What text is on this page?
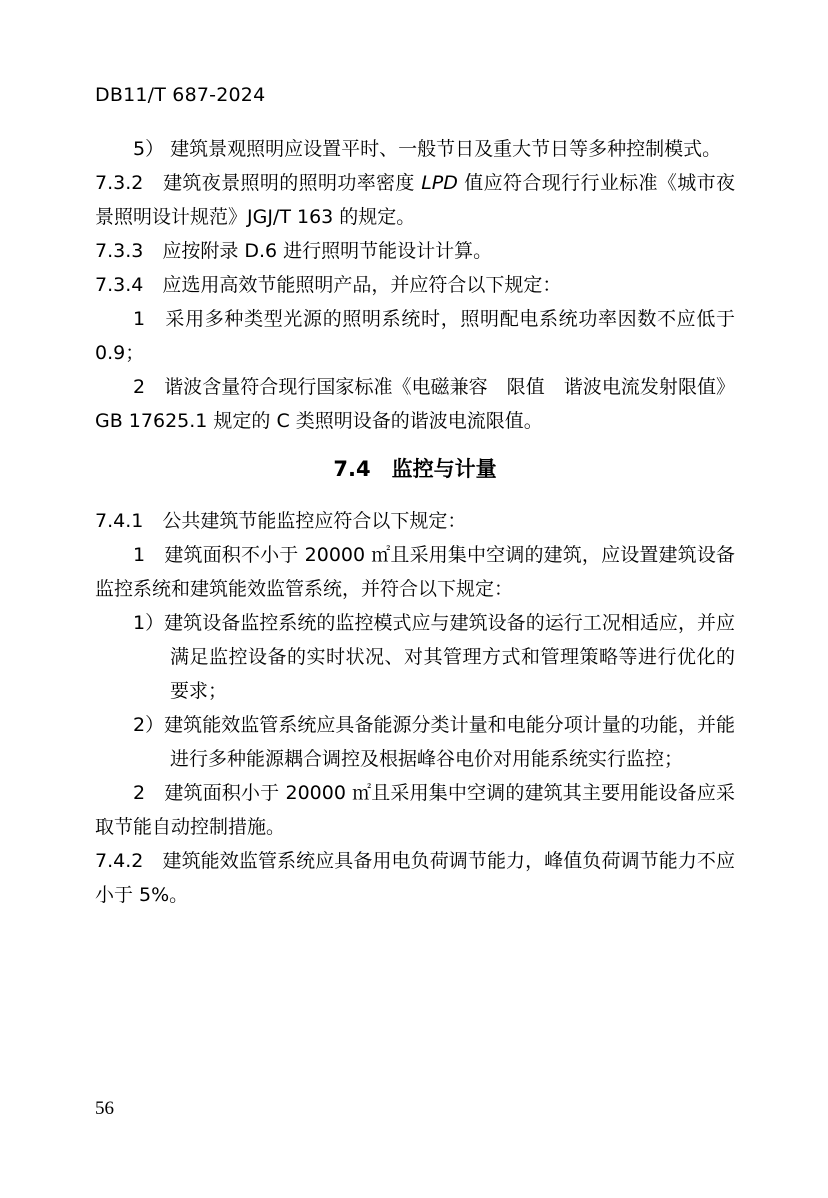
DB11/T 687-2024

5） 建筑景观照明应设置平时、一般节日及重大节日等多种控制模式。

7.3.2　建筑夜景照明的照明功率密度 LPD 值应符合现行行业标准《城市夜景照明设计规范》JGJ/T 163 的规定。

7.3.3　应按附录 D.6 进行照明节能设计计算。

7.3.4　应选用高效节能照明产品，并应符合以下规定：

1　采用多种类型光源的照明系统时，照明配电系统功率因数不应低于 0.9；

2　谐波含量符合现行国家标准《电磁兼容　限值　谐波电流发射限值》GB 17625.1 规定的 C 类照明设备的谐波电流限值。

7.4　监控与计量

7.4.1　公共建筑节能监控应符合以下规定：

1　建筑面积不小于 20000 ㎡且采用集中空调的建筑，应设置建筑设备监控系统和建筑能效监管系统，并符合以下规定：

1）建筑设备监控系统的监控模式应与建筑设备的运行工况相适应，并应满足监控设备的实时状况、对其管理方式和管理策略等进行优化的要求；

2）建筑能效监管系统应具备能源分类计量和电能分项计量的功能，并能进行多种能源耦合调控及根据峰谷电价对用能系统实行监控；

2　建筑面积小于 20000 ㎡且采用集中空调的建筑其主要用能设备应采取节能自动控制措施。

7.4.2　建筑能效监管系统应具备用电负荷调节能力，峰值负荷调节能力不应小于 5%。

56
